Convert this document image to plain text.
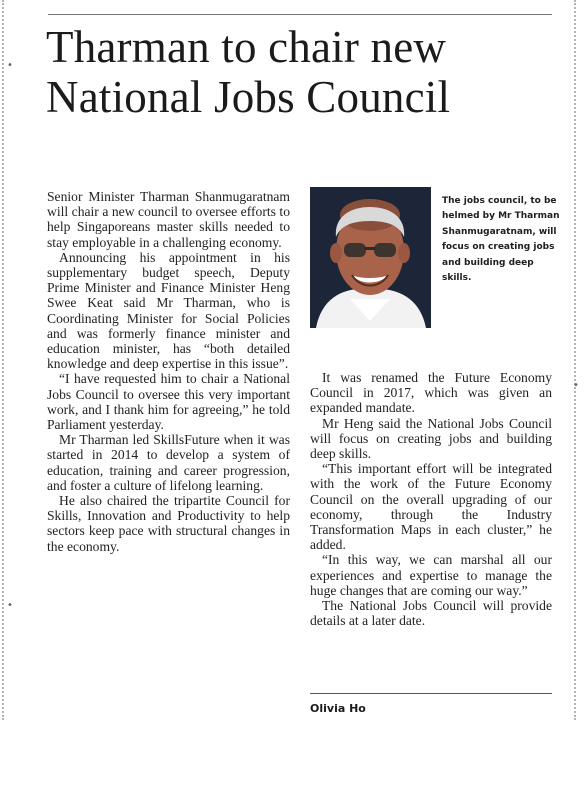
•
•
•
Tharman to chair new
National Jobs Council

Senior Minister Tharman Shanmugaratnam will chair a new council to oversee efforts to help Singaporeans master skills needed to stay employable in a challenging economy.

Announcing his appointment in his supplementary budget speech, Deputy Prime Minister and Finance Minister Heng Swee Keat said Mr Tharman, who is Coordinating Minister for Social Policies and was formerly finance minister and education minister, has “both detailed knowledge and deep expertise in this issue”.

“I have requested him to chair a National Jobs Council to oversee this very important work, and I thank him for agreeing,” he told Parliament yesterday.

Mr Tharman led SkillsFuture when it was started in 2014 to develop a system of education, training and career progression, and foster a culture of lifelong learning.

He also chaired the tripartite Council for Skills, Innovation and Productivity to help sectors keep pace with structural changes in the economy.

The jobs council, to be helmed by Mr Tharman Shanmugaratnam, will focus on creating jobs and building deep skills.

It was renamed the Future Economy Council in 2017, which was given an expanded mandate.

Mr Heng said the National Jobs Council will focus on creating jobs and building deep skills.

“This important effort will be integrated with the work of the Future Economy Council on the overall upgrading of our economy, through the Industry Transformation Maps in each cluster,” he added.

“In this way, we can marshal all our experiences and expertise to manage the huge changes that are coming our way.”

The National Jobs Council will provide details at a later date.

Olivia Ho
